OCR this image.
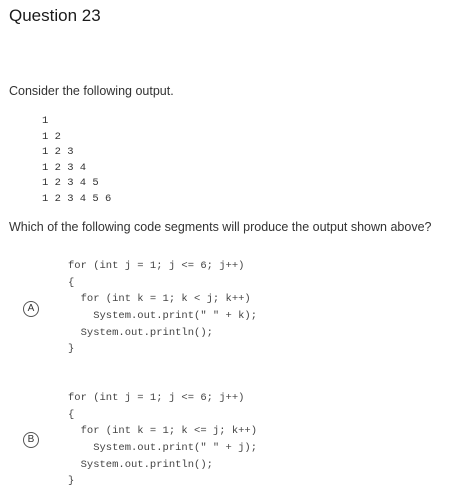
Question 23
Consider the following output.
1
1 2
1 2 3
1 2 3 4
1 2 3 4 5
1 2 3 4 5 6
Which of the following code segments will produce the output shown above?
A
for (int j = 1; j <= 6; j++)
{
for (int k = 1; k < j; k++)
System.out.print(" " + k);
System.out.println();
}
B
for (int j = 1; j <= 6; j++)
{
for (int k = 1; k <= j; k++)
System.out.print(" " + j);
System.out.println();
}
